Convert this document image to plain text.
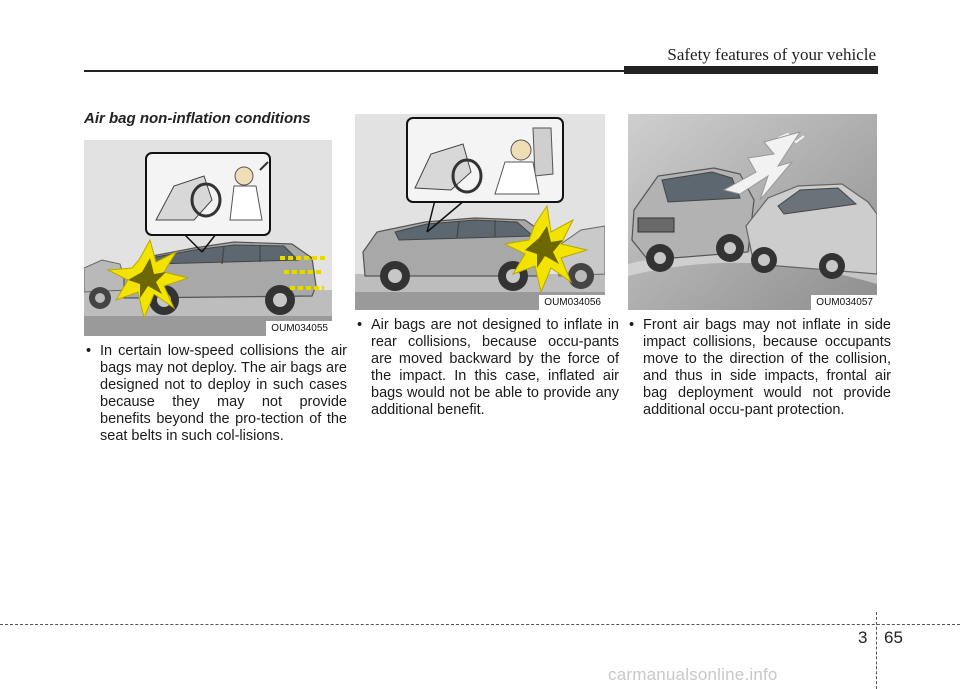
Safety features of your vehicle
Air bag non-inflation conditions
OUM034055
OUM034056	OUM034057
• In certain low-speed collisions the air bags may not deploy. The air bags are designed not to deploy in such cases because they may not provide benefits beyond the pro-tection of the seat belts in such col-lisions.
• Air bags are not designed to inflate in rear collisions, because occu-pants are moved backward by the force of the impact. In this case, inflated air bags would not be able to provide any additional benefit.
• Front air bags may not inflate in side impact collisions, because occupants move to the direction of the collision, and thus in side impacts, frontal air bag deployment would not provide additional occu-pant protection.
3 65
carmanualsonline.info
